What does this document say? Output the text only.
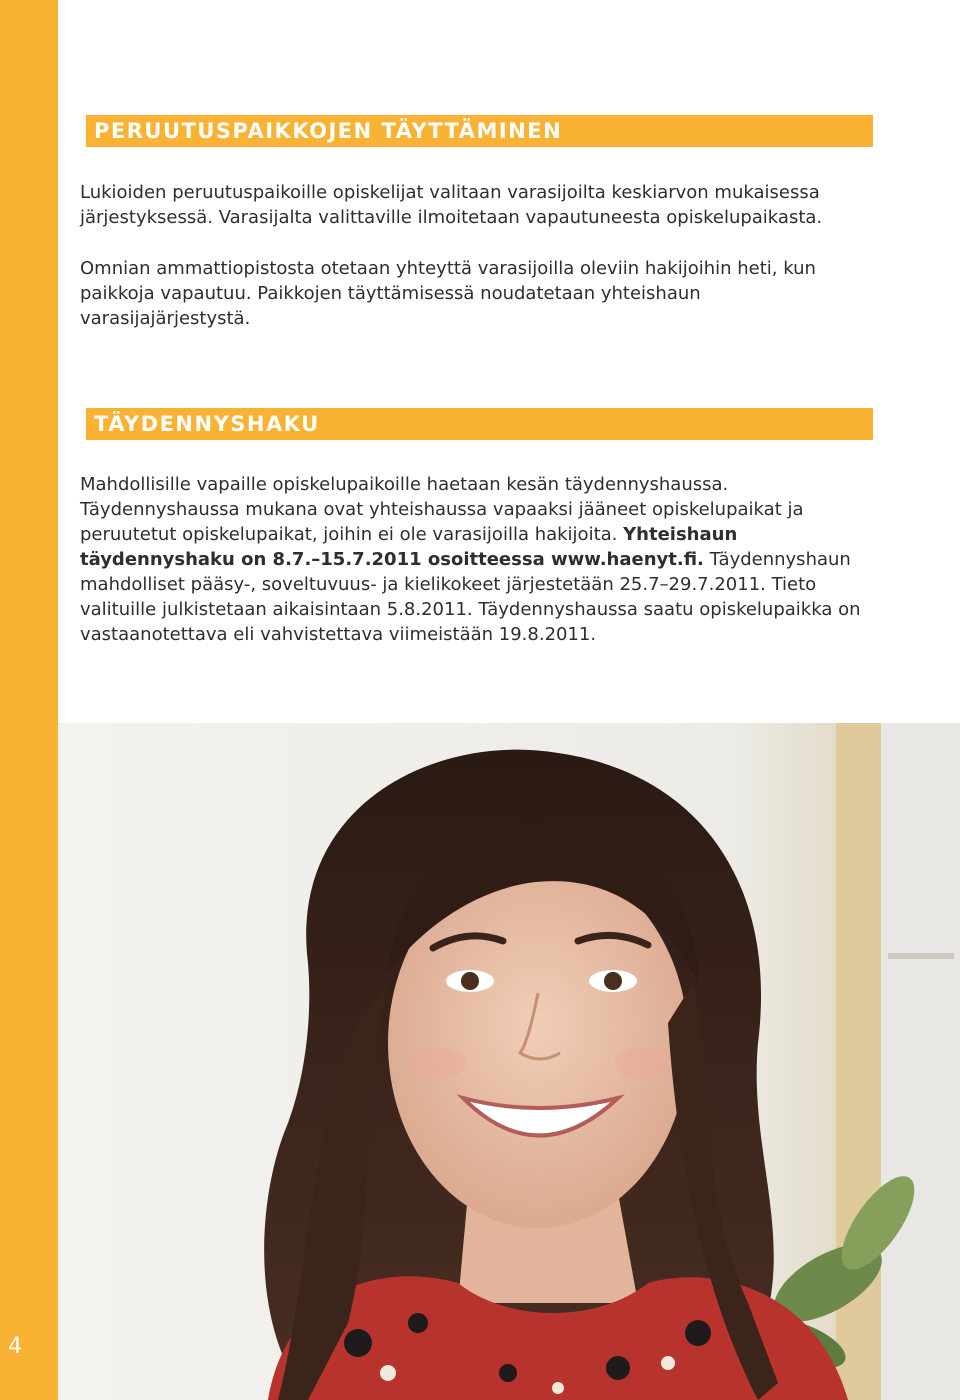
4
PERUUTUSPAIKKOJEN TÄYTTÄMINEN

Lukioiden peruutuspaikoille opiskelijat valitaan varasijoilta keskiarvon mukaisessa järjestyksessä. Varasijalta valittaville ilmoitetaan vapautuneesta opiskelupaikasta.

Omnian ammattiopistosta otetaan yhteyttä varasijoilla oleviin hakijoihin heti, kun paikkoja vapautuu. Paikkojen täyttämisessä noudatetaan yhteishaun varasijajärjestystä.

TÄYDENNYSHAKU

Mahdollisille vapaille opiskelupaikoille haetaan kesän täydennyshaussa. Täydennyshaussa mukana ovat yhteishaussa vapaaksi jääneet opiskelupaikat ja peruutetut opiskelupaikat, joihin ei ole varasijoilla hakijoita. Yhteishaun täydennyshaku on 8.7.–15.7.2011 osoitteessa www.haenyt.fi. Täydennyshaun mahdolliset pääsy-, soveltuvuus- ja kielikokeet järjestetään 25.7–29.7.2011. Tieto valituille julkistetaan aikaisintaan 5.8.2011. Täydennyshaussa saatu opiskelupaikka on vastaanotettava eli vahvistettava viimeistään 19.8.2011.
